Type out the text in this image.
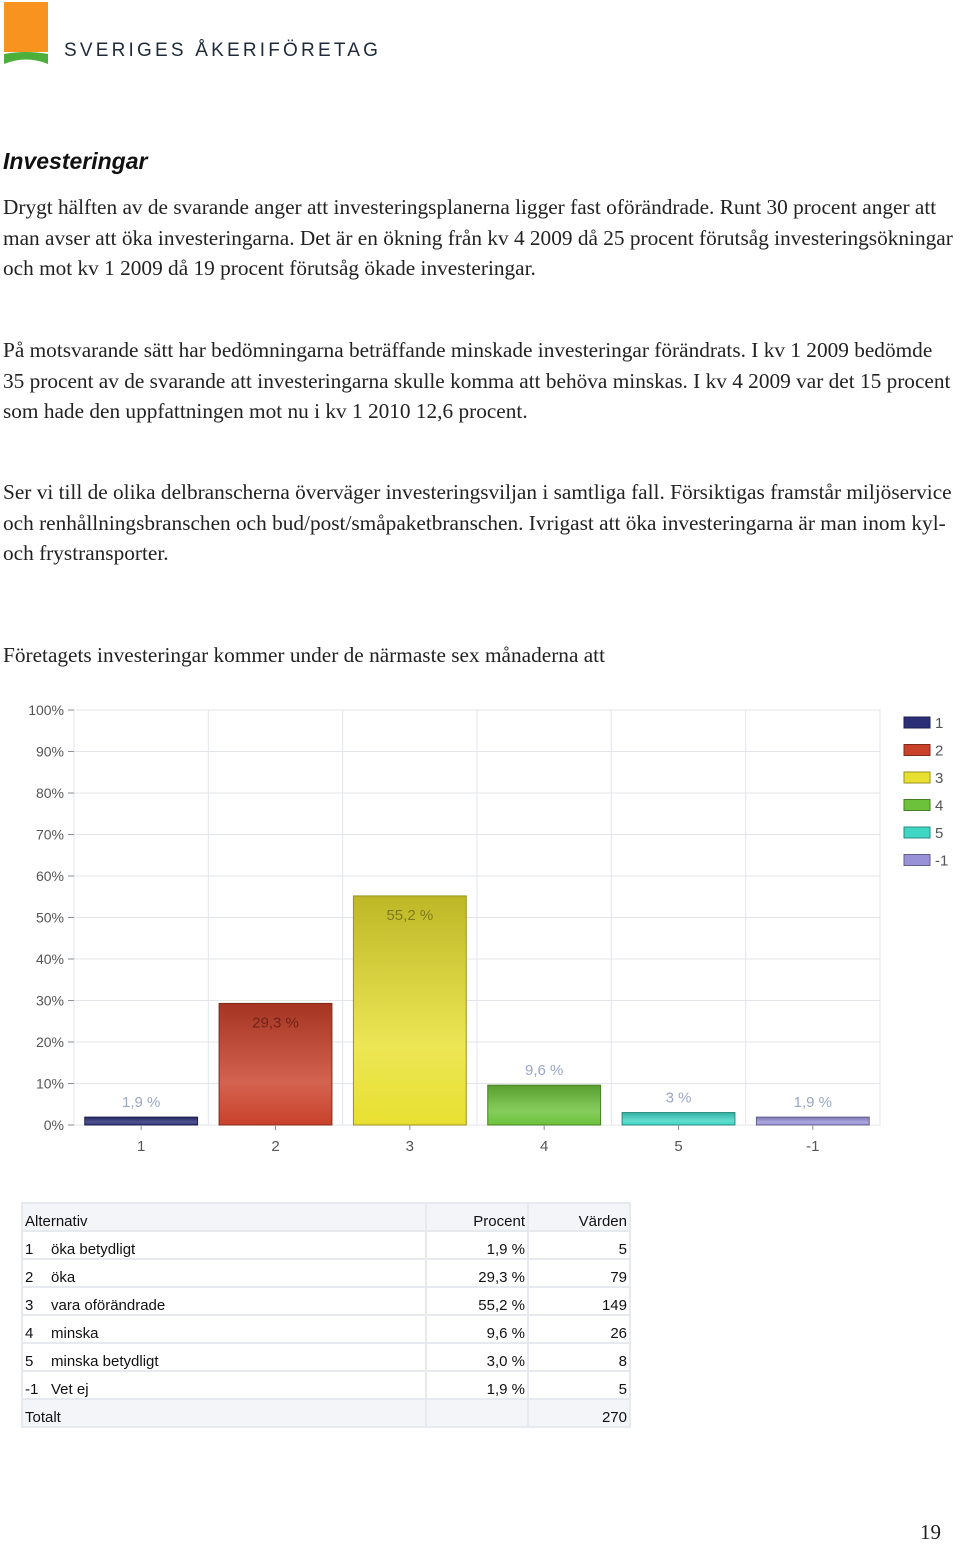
SVERIGES ÅKERIFÖRETAG
Investeringar

Drygt hälften av de svarande anger att investeringsplanerna ligger fast oförändrade. Runt 30 procent anger att man avser att öka investeringarna. Det är en ökning från kv 4 2009 då 25 procent förutsåg investeringsökningar och mot kv 1 2009 då 19 procent förutsåg ökade investeringar.

På motsvarande sätt har bedömningarna beträffande minskade investeringar förändrats. I kv 1 2009 bedömde 35 procent av de svarande att investeringarna skulle komma att behöva minskas. I kv 4 2009 var det 15 procent som hade den uppfattningen mot nu i kv 1 2010 12,6 procent.

Ser vi till de olika delbranscherna överväger investeringsviljan i samtliga fall. Försiktigas framstår miljöservice och renhållningsbranschen och bud/post/småpaketbranschen. Ivrigast att öka investeringarna är man inom kyl- och frystransporter.

Företagets investeringar kommer under de närmaste sex månaderna att
0%
10%
20%
30%
40%
50%
60%
70%
80%
90%
100%
1,9 %
29,3 %
55,2 %
9,6 %
3 %	1,9 %
1	2	3	4	5	-1
1
2
3
4
5
-1
Alternativ	Procent	Värden
1 öka betydligt	1,9 %	5
2 öka	29,3 %	79
3 vara oförändrade	55,2 %	149
4 minska	9,6 %	26
5 minska betydligt	3,0 %	8
-1 Vet ej	1,9 %	5
Totalt		270
19
